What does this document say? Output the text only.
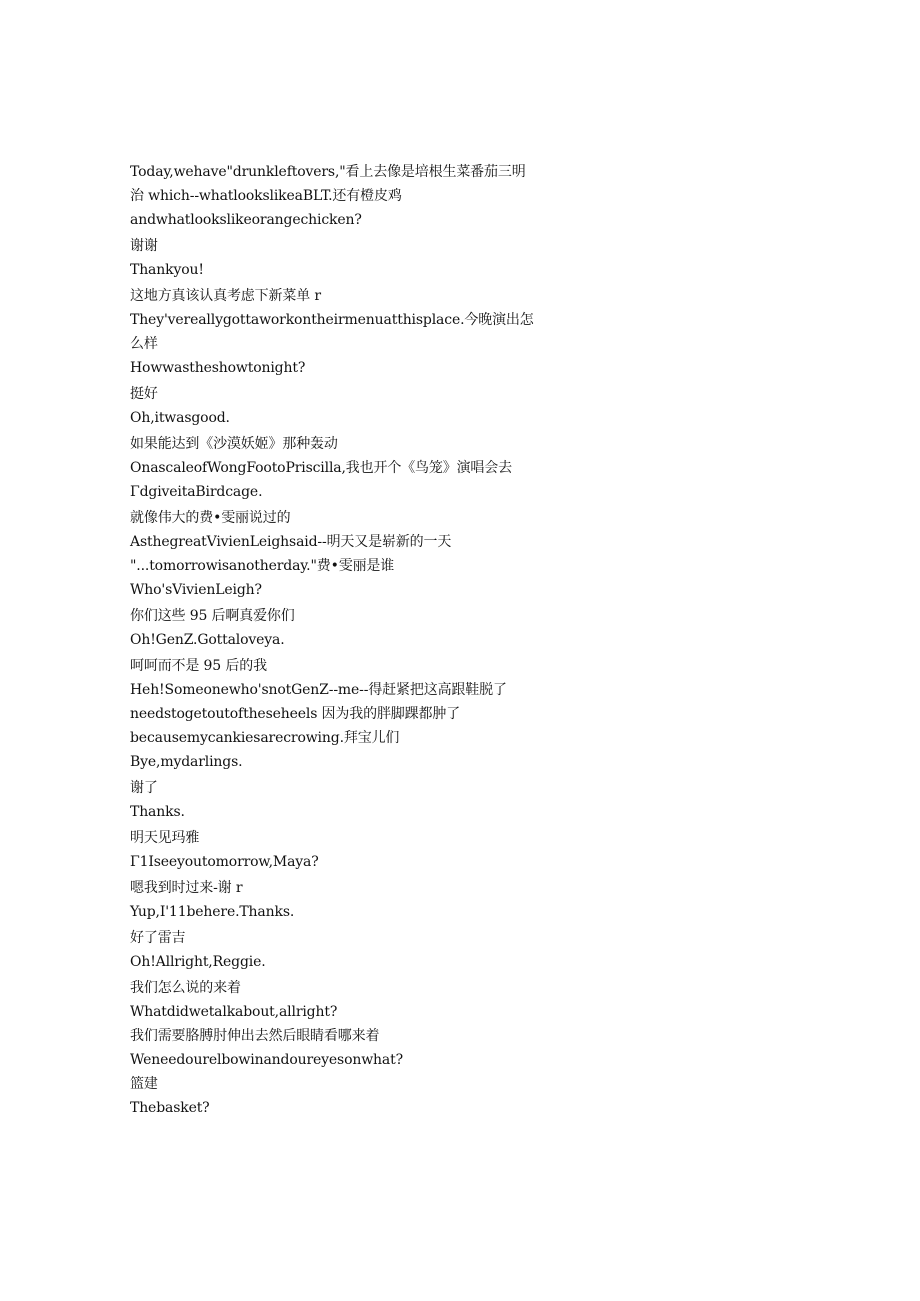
Today,wehave"drunkleftovers,"看上去像是培根生菜番茄三明
治 which--whatlookslikeaBLT.还有橙皮鸡
andwhatlookslikeorangechicken?
谢谢
Thankyou!
这地方真该认真考虑下新菜单 r
They'vereallygottaworkontheirmenuatthisplace.今晚演出怎
么样
Howwastheshowtonight?
挺好
Oh,itwasgood.
如果能达到《沙漠妖姬》那种轰动
OnascaleofWongFootoPriscilla,我也开个《鸟笼》演唱会去
ΓdgiveitаBirdcage.
就像伟大的费•雯丽说过的
AsthegreatVivienLeighsaid--明天又是崭新的一天
"...tomorrowisanotherday."费•雯丽是谁
Who'sVivienLeigh?
你们这些 95 后啊真爱你们
Oh!GenZ.Gottaloveya.
呵呵而不是 95 后的我
Heh!Someonewho'snotGenZ--me--得赶紧把这高跟鞋脱了
needstogetoutoftheseheels 因为我的胖脚踝都肿了
becausemycankiesarecrowing.拜宝儿们
Bye,mydarlings.
谢了
Thanks.
明天见玛雅
Γ1Iseeyoutomorrow,Maya?
嗯我到时过来-谢 r
Yup,I'11behere.Thanks.
好了雷吉
Oh!Allright,Reggie.
我们怎么说的来着
Whatdidwetalkabout,allright?
我们需要胳膊肘伸出去然后眼睛看哪来着
Weneedourelbowinandoureyesonwhat?
篮建
Thebasket?
